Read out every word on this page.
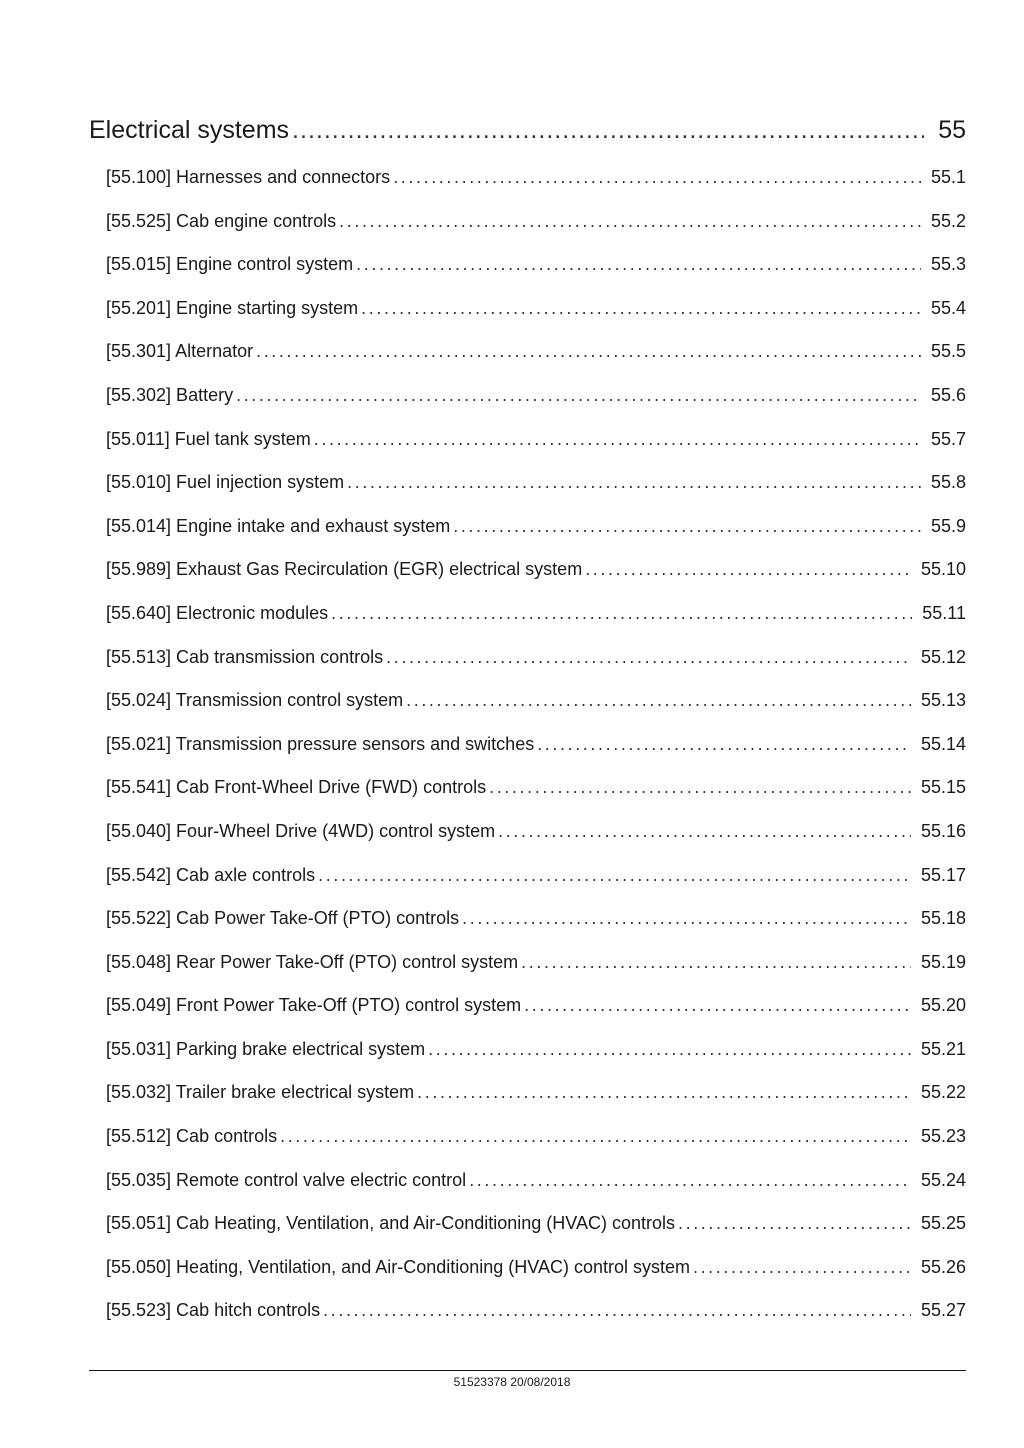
Electrical systems .....	55
[55.100] Harnesses and connectors .....	55.1
[55.525] Cab engine controls .....	55.2
[55.015] Engine control system .....	55.3
[55.201] Engine starting system .....	55.4
[55.301] Alternator .....	55.5
[55.302] Battery .....	55.6
[55.011] Fuel tank system .....	55.7
[55.010] Fuel injection system .....	55.8
[55.014] Engine intake and exhaust system .....	55.9
[55.989] Exhaust Gas Recirculation (EGR) electrical system .....	55.10
[55.640] Electronic modules .....	55.11
[55.513] Cab transmission controls .....	55.12
[55.024] Transmission control system .....	55.13
[55.021] Transmission pressure sensors and switches .....	55.14
[55.541] Cab Front-Wheel Drive (FWD) controls .....	55.15
[55.040] Four-Wheel Drive (4WD) control system .....	55.16
[55.542] Cab axle controls .....	55.17
[55.522] Cab Power Take-Off (PTO) controls .....	55.18
[55.048] Rear Power Take-Off (PTO) control system .....	55.19
[55.049] Front Power Take-Off (PTO) control system .....	55.20
[55.031] Parking brake electrical system .....	55.21
[55.032] Trailer brake electrical system .....	55.22
[55.512] Cab controls .....	55.23
[55.035] Remote control valve electric control .....	55.24
[55.051] Cab Heating, Ventilation, and Air-Conditioning (HVAC) controls .....	55.25
[55.050] Heating, Ventilation, and Air-Conditioning (HVAC) control system .....	55.26
[55.523] Cab hitch controls .....	55.27
51523378 20/08/2018
